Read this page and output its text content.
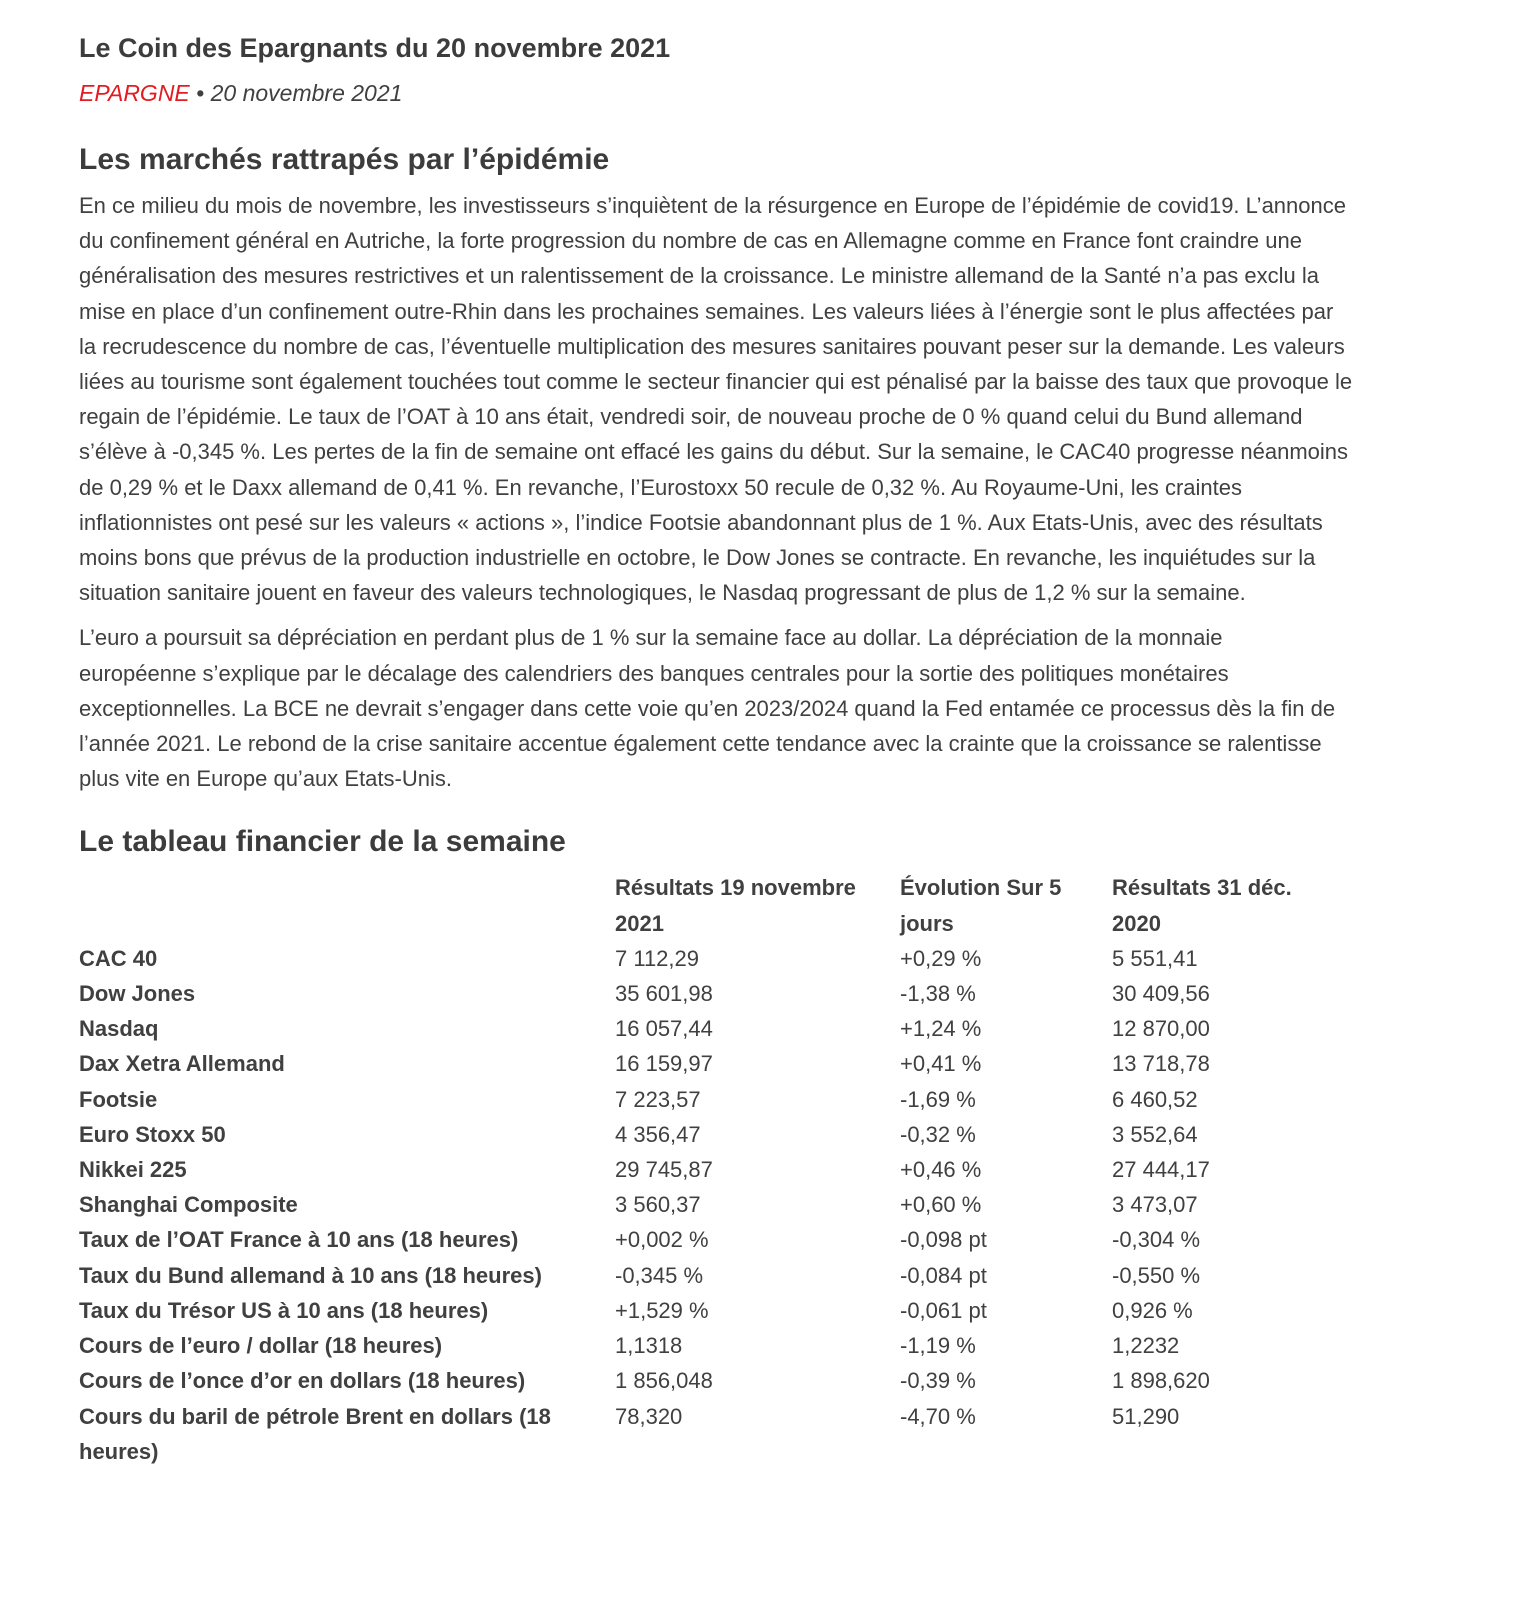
Le Coin des Epargnants du 20 novembre 2021
EPARGNE • 20 novembre 2021
Les marchés rattrapés par l’épidémie

En ce milieu du mois de novembre, les investisseurs s’inquiètent de la résurgence en Europe de l’épidémie de covid19. L’annonce du confinement général en Autriche, la forte progression du nombre de cas en Allemagne comme en France font craindre une généralisation des mesures restrictives et un ralentissement de la croissance. Le ministre allemand de la Santé n’a pas exclu la mise en place d’un confinement outre-Rhin dans les prochaines semaines. Les valeurs liées à l’énergie sont le plus affectées par la recrudescence du nombre de cas, l’éventuelle multiplication des mesures sanitaires pouvant peser sur la demande. Les valeurs liées au tourisme sont également touchées tout comme le secteur financier qui est pénalisé par la baisse des taux que provoque le regain de l’épidémie. Le taux de l’OAT à 10 ans était, vendredi soir, de nouveau proche de 0 % quand celui du Bund allemand s’élève à -0,345 %. Les pertes de la fin de semaine ont effacé les gains du début. Sur la semaine, le CAC40 progresse néanmoins de 0,29 % et le Daxx allemand de 0,41 %. En revanche, l’Eurostoxx 50 recule de 0,32 %. Au Royaume-Uni, les craintes inflationnistes ont pesé sur les valeurs « actions », l’indice Footsie abandonnant plus de 1 %. Aux Etats-Unis, avec des résultats moins bons que prévus de la production industrielle en octobre, le Dow Jones se contracte. En revanche, les inquiétudes sur la situation sanitaire jouent en faveur des valeurs technologiques, le Nasdaq progressant de plus de 1,2 % sur la semaine.

L’euro a poursuit sa dépréciation en perdant plus de 1 % sur la semaine face au dollar. La dépréciation de la monnaie européenne s’explique par le décalage des calendriers des banques centrales pour la sortie des politiques monétaires exceptionnelles. La BCE ne devrait s’engager dans cette voie qu’en 2023/2024 quand la Fed entamée ce processus dès la fin de l’année 2021. Le rebond de la crise sanitaire accentue également cette tendance avec la crainte que la croissance se ralentisse plus vite en Europe qu’aux Etats-Unis.

Le tableau financier de la semaine
	Résultats 19 novembre 2021	Évolution Sur 5 jours	Résultats 31 déc. 2020
CAC 40	7 112,29	+0,29 %	5 551,41
Dow Jones	35 601,98	-1,38 %	30 409,56
Nasdaq	16 057,44	+1,24 %	12 870,00
Dax Xetra Allemand	16 159,97	+0,41 %	13 718,78
Footsie	7 223,57	-1,69 %	6 460,52
Euro Stoxx 50	4 356,47	-0,32 %	3 552,64
Nikkei 225	29 745,87	+0,46 %	27 444,17
Shanghai Composite	3 560,37	+0,60 %	3 473,07
Taux de l’OAT France à 10 ans (18 heures)	+0,002 %	-0,098 pt	-0,304 %
Taux du Bund allemand à 10 ans (18 heures)	-0,345 %	-0,084 pt	-0,550 %
Taux du Trésor US à 10 ans (18 heures)	+1,529 %	-0,061 pt	0,926 %
Cours de l’euro / dollar (18 heures)	1,1318	-1,19 %	1,2232
Cours de l’once d’or en dollars (18 heures)	1 856,048	-0,39 %	1 898,620
Cours du baril de pétrole Brent en dollars (18 heures)	78,320	-4,70 %	51,290
